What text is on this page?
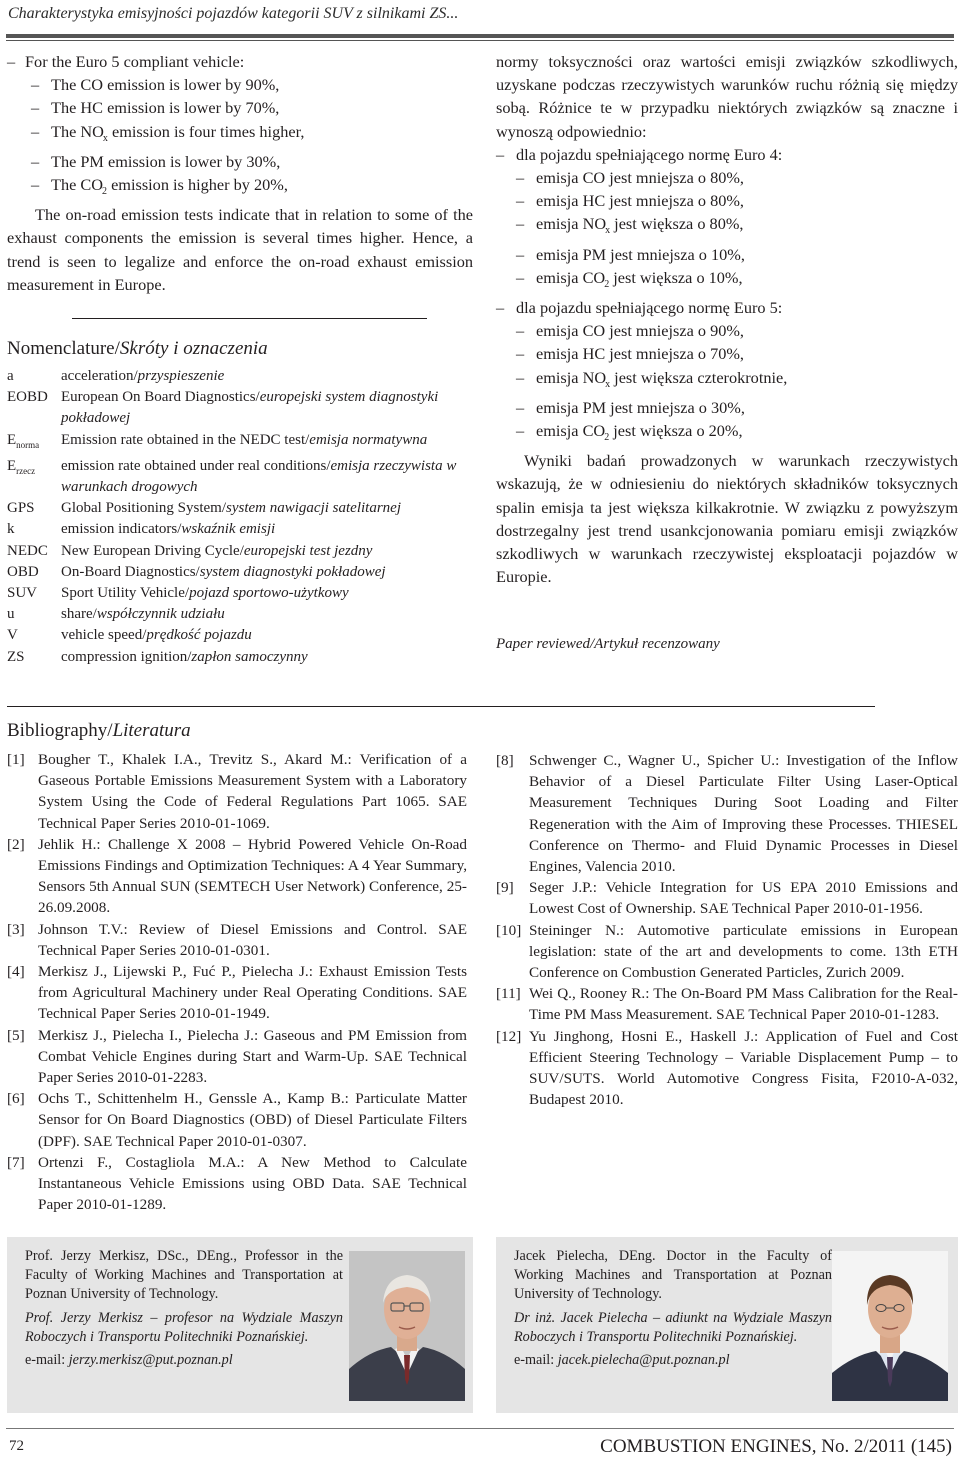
Charakterystyka emisyjności pojazdów kategorii SUV z silnikami ZS...
– For the Euro 5 compliant vehicle:
– The CO emission is lower by 90%,
– The HC emission is lower by 70%,
– The $NO_x$ emission is four times higher,
– The PM emission is lower by 30%,
– The $CO_2$ emission is higher by 20%,
The on-road emission tests indicate that in relation to some of the exhaust components the emission is several times higher. Hence, a trend is seen to legalize and enforce the on-road exhaust emission measurement in Europe.
Nomenclature/Skróty i oznaczenia
a	acceleration/przyspieszenie
EOBD European On Board Diagnostics/europejski system diagnostyki pokładowej
$E_{norma}$	Emission rate obtained in the NEDC test/emisja normatywna
$E_{rzecz}$	emission rate obtained under real conditions/emisja rzeczywista w warunkach drogowych
GPS	Global Positioning System/system nawigacji satelitarnej
k	emission indicators/wskaźnik emisji
NEDC New European Driving Cycle/europejski test jezdny
OBD	On-Board Diagnostics/system diagnostyki pokładowej
SUV	Sport Utility Vehicle/pojazd sportowo-użytkowy
u	share/współczynnik udziału
V	vehicle speed/prędkość pojazdu
ZS	compression ignition/zapłon samoczynny
normy toksyczności oraz wartości emisji związków szkodliwych, uzyskane podczas rzeczywistych warunków ruchu różnią się między sobą. Różnice te w przypadku niektórych związków są znaczne i wynoszą odpowiednio:
– dla pojazdu spełniającego normę Euro 4:
– emisja CO jest mniejsza o 80%,
– emisja HC jest mniejsza o 80%,
– emisja $NO_x$ jest większa o 80%,
– emisja PM jest mniejsza o 10%,
– emisja $CO_2$ jest większa o 10%,
– dla pojazdu spełniającego normę Euro 5:
– emisja CO jest mniejsza o 90%,
– emisja HC jest mniejsza o 70%,
– emisja $NO_x$ jest większa czterokrotnie,
– emisja PM jest mniejsza o 30%,
– emisja $CO_2$ jest większa o 20%,
Wyniki badań prowadzonych w warunkach rzeczywistych wskazują, że w odniesieniu do niektórych składników toksycznych spalin emisja ta jest większa kilkakrotnie. W związku z powyższym dostrzegalny jest trend usankcjonowania pomiaru emisji związków szkodliwych w warunkach rzeczywistej eksploatacji pojazdów w Europie.
Paper reviewed/Artykuł recenzowany
Bibliography/Literatura
[1] Bougher T., Khalek I.A., Trevitz S., Akard M.: Verification of a Gaseous Portable Emissions Measurement System with a Laboratory System Using the Code of Federal Regulations Part 1065. SAE Technical Paper Series 2010-01-1069.
[2] Jehlik H.: Challenge X 2008 – Hybrid Powered Vehicle On-Road Emissions Findings and Optimization Techniques: A 4 Year Summary, Sensors 5th Annual SUN (SEMTECH User Network) Conference, 25-26.09.2008.
[3] Johnson T.V.: Review of Diesel Emissions and Control. SAE Technical Paper Series 2010-01-0301.
[4] Merkisz J., Lijewski P., Fuć P., Pielecha J.: Exhaust Emission Tests from Agricultural Machinery under Real Operating Conditions. SAE Technical Paper Series 2010-01-1949.
[5] Merkisz J., Pielecha I., Pielecha J.: Gaseous and PM Emission from Combat Vehicle Engines during Start and Warm-Up. SAE Technical Paper Series 2010-01-2283.
[6] Ochs T., Schittenhelm H., Genssle A., Kamp B.: Particulate Matter Sensor for On Board Diagnostics (OBD) of Diesel Particulate Filters (DPF). SAE Technical Paper 2010-01-0307.
[7] Ortenzi F., Costagliola M.A.: A New Method to Calculate Instantaneous Vehicle Emissions using OBD Data. SAE Technical Paper 2010-01-1289.
[8]	Schwenger C., Wagner U., Spicher U.: Investigation of the Inflow Behavior of a Diesel Particulate Filter Using Laser-Optical Measurement Techniques During Soot Loading and Filter Regeneration with the Aim of Improving these Processes. THIESEL Conference on Thermo- and Fluid Dynamic Processes in Diesel Engines, Valencia 2010.
[9]	Seger J.P.: Vehicle Integration for US EPA 2010 Emissions and Lowest Cost of Ownership. SAE Technical Paper 2010-01-1956.
[10] Steininger N.: Automotive particulate emissions in European legislation: state of the art and developments to come. 13th ETH Conference on Combustion Generated Particles, Zurich 2009.
[11] Wei Q., Rooney R.: The On-Board PM Mass Calibration for the Real-Time PM Mass Measurement. SAE Technical Paper 2010-01-1283.
[12] Yu Jinghong, Hosni E., Haskell J.: Application of Fuel and Cost Efficient Steering Technology – Variable Displacement Pump – to SUV/SUTS. World Automotive Congress Fisita, F2010-A-032, Budapest 2010.
Prof. Jerzy Merkisz, DSc., DEng., Professor in the Faculty of Working Machines and Transportation at Poznan University of Technology.
Prof. Jerzy Merkisz – profesor na Wydziale Maszyn Roboczych i Transportu Politechniki Poznańskiej.
e-mail: jerzy.merkisz@put.poznan.pl
Jacek Pielecha, DEng. Doctor in the Faculty of Working Machines and Transportation at Poznan University of Technology.
Dr inż. Jacek Pielecha – adiunkt na Wydziale Maszyn Roboczych i Transportu Politechniki Poznańskiej.
e-mail: jacek.pielecha@put.poznan.pl
72	COMBUSTION ENGINES, No. 2/2011 (145)
